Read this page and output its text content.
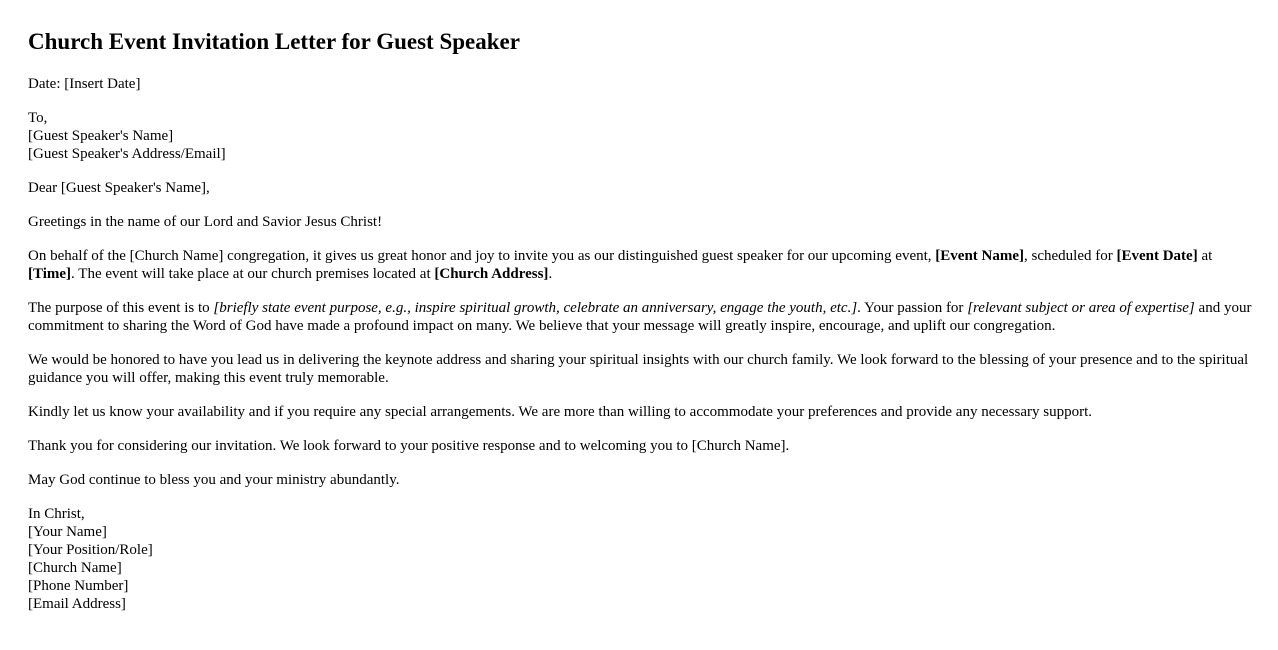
Church Event Invitation Letter for Guest Speaker

Date: [Insert Date]

To,
[Guest Speaker's Name]
[Guest Speaker's Address/Email]

Dear [Guest Speaker's Name],

Greetings in the name of our Lord and Savior Jesus Christ!

On behalf of the [Church Name] congregation, it gives us great honor and joy to invite you as our distinguished guest speaker for our upcoming event, [Event Name], scheduled for [Event Date] at [Time]. The event will take place at our church premises located at [Church Address].

The purpose of this event is to [briefly state event purpose, e.g., inspire spiritual growth, celebrate an anniversary, engage the youth, etc.]. Your passion for [relevant subject or area of expertise] and your commitment to sharing the Word of God have made a profound impact on many. We believe that your message will greatly inspire, encourage, and uplift our congregation.

We would be honored to have you lead us in delivering the keynote address and sharing your spiritual insights with our church family. We look forward to the blessing of your presence and to the spiritual guidance you will offer, making this event truly memorable.

Kindly let us know your availability and if you require any special arrangements. We are more than willing to accommodate your preferences and provide any necessary support.

Thank you for considering our invitation. We look forward to your positive response and to welcoming you to [Church Name].

May God continue to bless you and your ministry abundantly.

In Christ,
[Your Name]
[Your Position/Role]
[Church Name]
[Phone Number]
[Email Address]
